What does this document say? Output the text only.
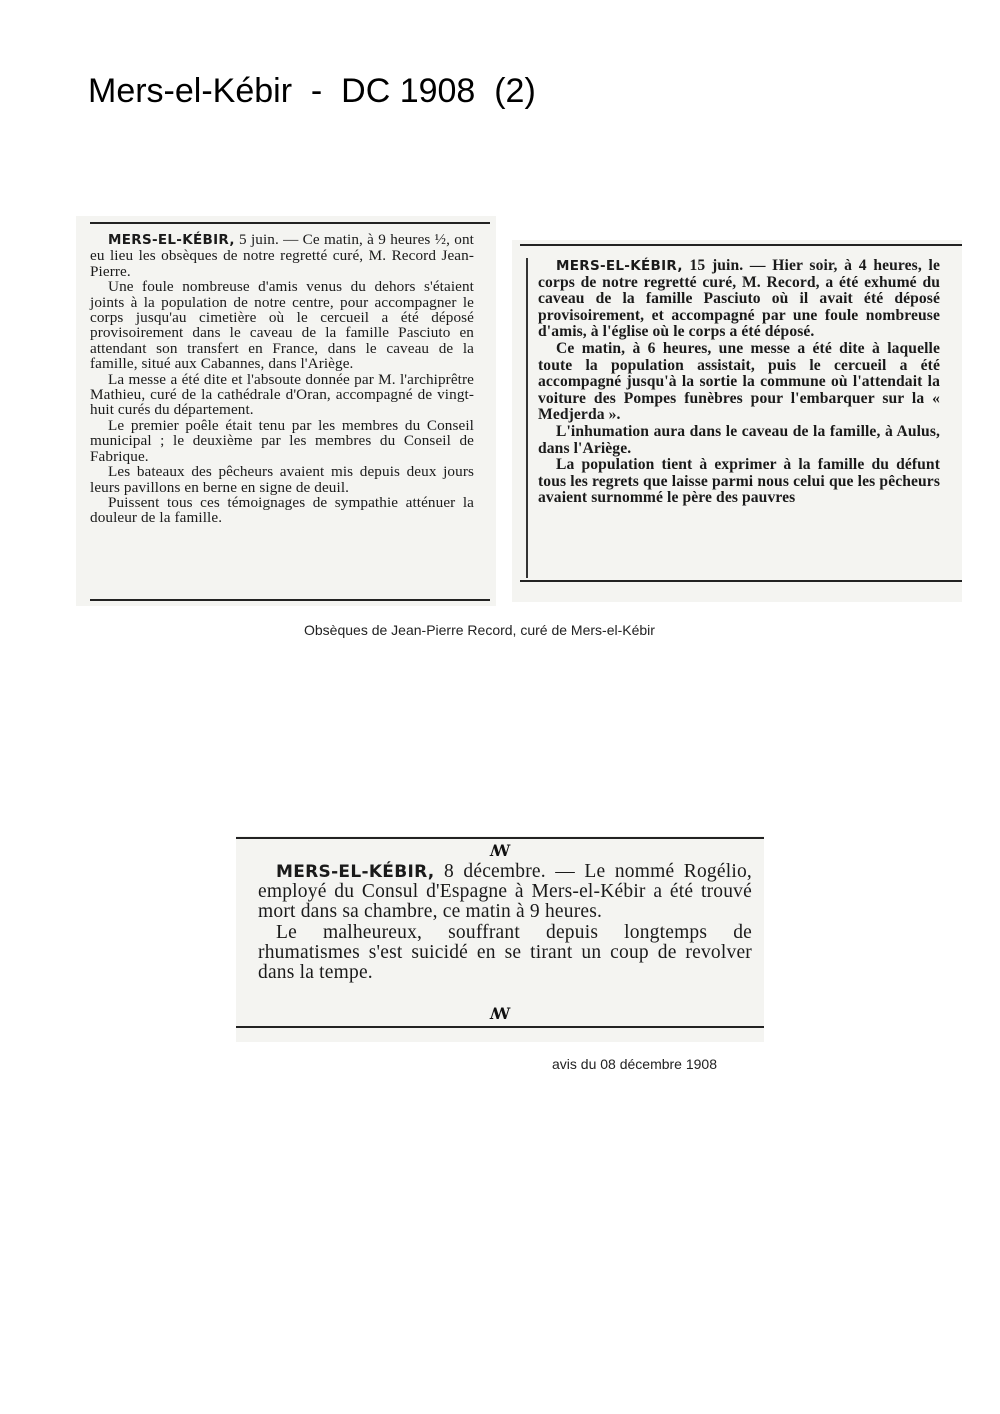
Mers-el-Kébir  -  DC 1908  (2)

MERS-EL-KÉBIR, 5 juin. — Ce matin, à 9 heures ½, ont eu lieu les obsèques de notre regretté curé, M. Record Jean-Pierre.

Une foule nombreuse d'amis venus du dehors s'étaient joints à la population de notre centre, pour accompagner le corps jusqu'au cimetière où le cercueil a été déposé provisoirement dans le caveau de la famille Pasciuto en attendant son transfert en France, dans le caveau de la famille, situé aux Cabannes, dans l'Ariège.

La messe a été dite et l'absoute donnée par M. l'archiprêtre Mathieu, curé de la cathédrale d'Oran, accompagné de vingt-huit curés du département.

Le premier poêle était tenu par les membres du Conseil municipal ; le deuxième par les membres du Conseil de Fabrique.

Les bateaux des pêcheurs avaient mis depuis deux jours leurs pavillons en berne en signe de deuil.

Puissent tous ces témoignages de sympathie atténuer la douleur de la famille.

MERS-EL-KÉBIR, 15 juin. — Hier soir, à 4 heures, le corps de notre regretté curé, M. Record, a été exhumé du caveau de la famille Pasciuto où il avait été déposé provisoirement, et accompagné par une foule nombreuse d'amis, à l'église où le corps a été déposé.

Ce matin, à 6 heures, une messe a été dite à laquelle toute la population assistait, puis le cercueil a été accompagné jusqu'à la sortie la commune où l'attendait la voiture des Pompes funèbres pour l'embarquer sur la « Medjerda ».

L'inhumation aura dans le caveau de la famille, à Aulus, dans l'Ariège.

La population tient à exprimer à la famille du défunt tous les regrets que laisse parmi nous celui que les pêcheurs avaient surnommé le père des pauvres

Obsèques de Jean-Pierre Record, curé de Mers-el-Kébir

ꟿ

MERS-EL-KÉBIR, 8 décembre. — Le nommé Rogélio, employé du Consul d'Espagne à Mers-el-Kébir a été trouvé mort dans sa chambre, ce matin à 9 heures.

Le malheureux, souffrant depuis longtemps de rhumatismes s'est suicidé en se tirant un coup de revolver dans la tempe.

ꟿ

avis du 08 décembre 1908
